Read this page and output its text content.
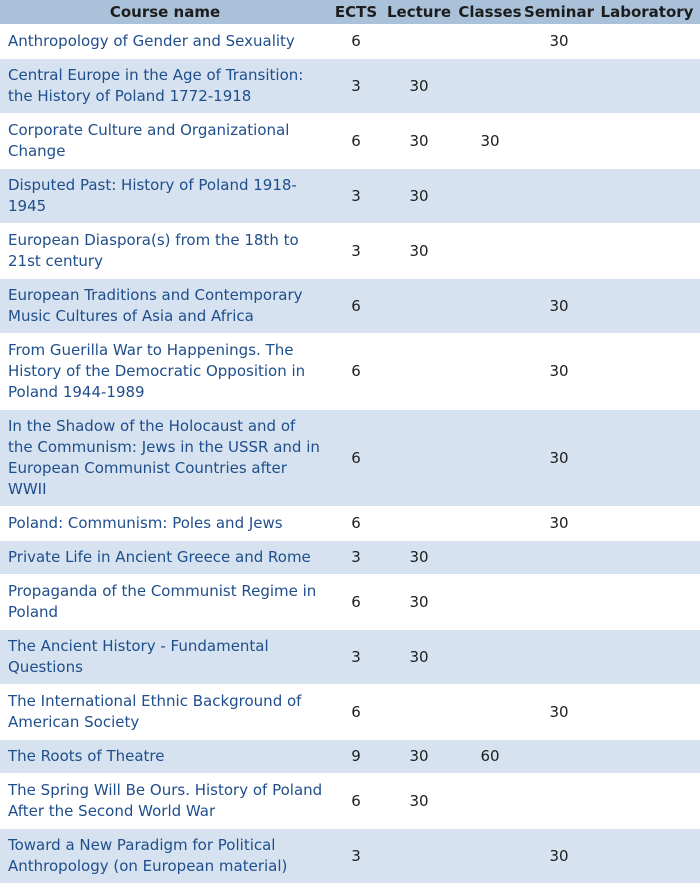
Course name	ECTS	Lecture	Classes	Seminar	Laboratory
Anthropology of Gender and Sexuality	6			30	
Central Europe in the Age of Transition: the History of Poland 1772-1918	3	30			
Corporate Culture and Organizational Change	6	30	30		
Disputed Past: History of Poland 1918-1945	3	30			
European Diaspora(s) from the 18th to 21st century	3	30			
European Traditions and Contemporary Music Cultures of Asia and Africa	6			30	
From Guerilla War to Happenings. The History of the Democratic Opposition in Poland 1944-1989	6			30	
In the Shadow of the Holocaust and of the Communism: Jews in the USSR and in European Communist Countries after WWII	6			30	
Poland: Communism: Poles and Jews	6			30	
Private Life in Ancient Greece and Rome	3	30			
Propaganda of the Communist Regime in Poland	6	30			
The Ancient History - Fundamental Questions	3	30			
The International Ethnic Background of American Society	6			30	
The Roots of Theatre	9	30	60		
The Spring Will Be Ours. History of Poland After the Second World War	6	30			
Toward a New Paradigm for Political Anthropology (on European material)	3			30	
